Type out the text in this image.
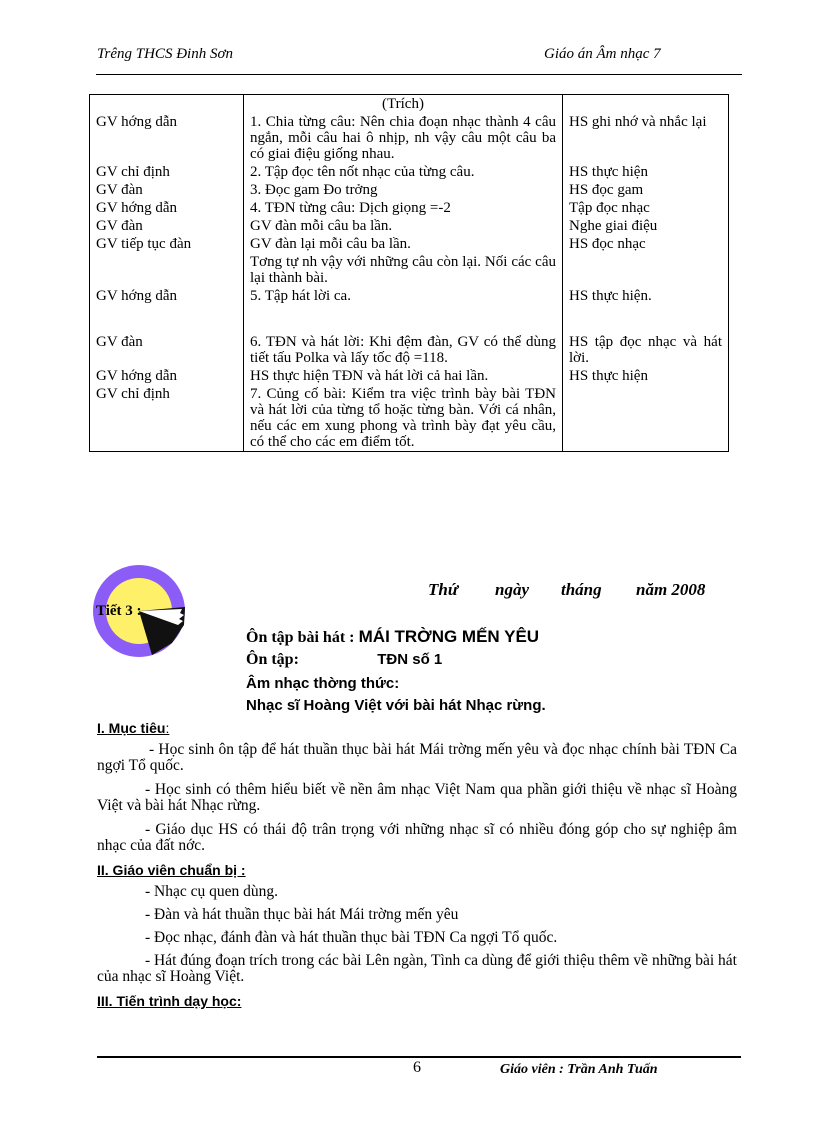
Trêng THCS Đinh Sơn	Giáo án Âm nhạc 7
	(Trích)	
GV hớng dẫn	1. Chia từng câu: Nên chia đoạn nhạc thành 4 câu ngắn, mỗi câu hai ô nhịp, nh vậy câu một câu ba có giai điệu giống nhau.	HS ghi nhớ và nhắc lại
GV chỉ định	2. Tập đọc tên nốt nhạc của từng câu.	HS thực hiện
GV đàn	3. Đọc gam Đo trởng	HS đọc gam
GV hớng dẫn	4. TĐN từng câu: Dịch giọng =-2	Tập đọc nhạc
GV đàn	GV đàn mỗi câu ba lần.	Nghe giai điệu
GV tiếp tục đàn	GV đàn lại mỗi câu ba lần.	HS đọc nhạc
	Tơng tự nh vậy với những câu còn lại. Nối các câu lại thành bài.	
GV hớng dẫn	5. Tập hát lời ca.	HS thực hiện.
GV đàn	6. TĐN và hát lời: Khi đệm đàn, GV có thể dùng tiết tấu Polka và lấy tốc độ =118.	HS tập đọc nhạc và hát lời.
GV hớng dẫn	HS thực hiện TĐN và hát lời cả hai lần.	HS thực hiện
GV chỉ định	7. Củng cố bài: Kiểm tra việc trình bày bài TĐN và hát lời của từng tổ hoặc từng bàn. Với cá nhân, nếu các em xung phong và trình bày đạt yêu cầu, có thể cho các em điểm tốt.	
Tiết 3 :
Thứ ngày tháng năm 2008
Ôn tập bài hát : MÁI TRỜNG MẾN YÊU
Ôn tập:	TĐN số 1
Âm nhạc thờng thức:
Nhạc sĩ Hoàng Việt với bài hát Nhạc rừng.
I. Mục tiêu:
- Học sinh ôn tập để hát thuần thục bài hát Mái trờng mến yêu và đọc nhạc chính bài TĐN Ca ngợi Tổ quốc.
- Học sinh có thêm hiểu biết về nền âm nhạc Việt Nam qua phần giới thiệu về nhạc sĩ Hoàng Việt và bài hát Nhạc rừng.
- Giáo dục HS có thái độ trân trọng với những nhạc sĩ có nhiều đóng góp cho sự nghiệp âm nhạc của đất nớc.
II. Giáo viên chuẩn bị :
- Nhạc cụ quen dùng.
- Đàn và hát thuần thục bài hát Mái trờng mến yêu
- Đọc nhạc, đánh đàn và hát thuần thục bài TĐN Ca ngợi Tổ quốc.
- Hát đúng đoạn trích trong các bài Lên ngàn, Tình ca dùng để giới thiệu thêm về những bài hát của nhạc sĩ Hoàng Việt.
III. Tiến trình dạy học:
6	Giáo viên : Trần Anh Tuấn
